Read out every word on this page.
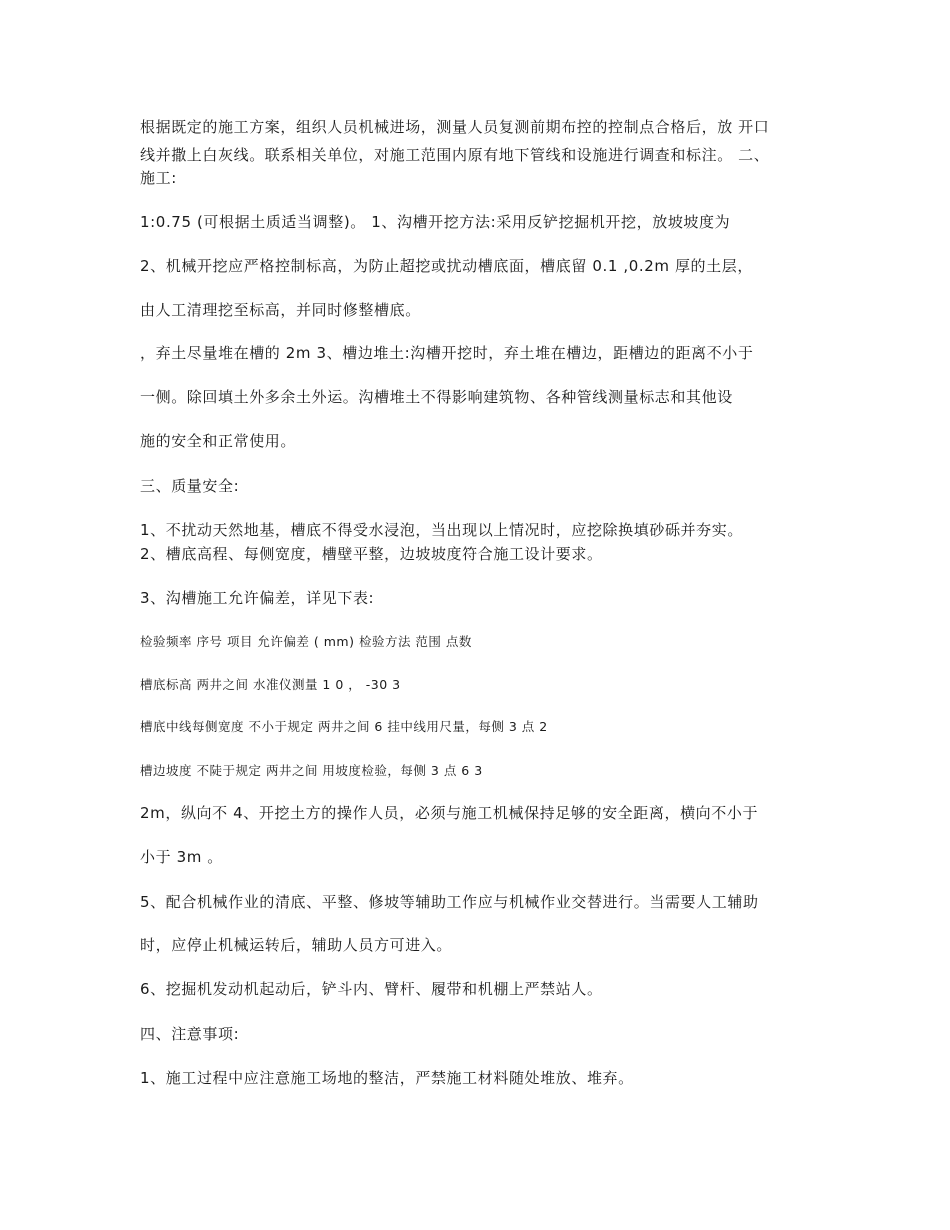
根据既定的施工方案，组织人员机械进场，测量人员复测前期布控的控制点合格后，放 开口
线并撒上白灰线。联系相关单位，对施工范围内原有地下管线和设施进行调查和标注。 二、
施工:
1:0.75 (可根据土质适当调整)。 1、沟槽开挖方法:采用反铲挖掘机开挖，放坡坡度为
2、机械开挖应严格控制标高，为防止超挖或扰动槽底面，槽底留 0.1 ,0.2m 厚的土层，
由人工清理挖至标高，并同时修整槽底。
，弃土尽量堆在槽的 2m 3、槽边堆土:沟槽开挖时，弃土堆在槽边，距槽边的距离不小于
一侧。除回填土外多余土外运。沟槽堆土不得影响建筑物、各种管线测量标志和其他设
施的安全和正常使用。
三、质量安全:
1、不扰动天然地基，槽底不得受水浸泡，当出现以上情况时，应挖除换填砂砾并夯实。
2、槽底高程、每侧宽度，槽壁平整，边坡坡度符合施工设计要求。
3、沟槽施工允许偏差，详见下表:
检验频率 序号 项目 允许偏差 ( mm) 检验方法 范围 点数
槽底标高 两井之间 水准仪测量 1 0 ， -30 3
槽底中线每侧宽度 不小于规定 两井之间 6 挂中线用尺量，每侧 3 点 2
槽边坡度 不陡于规定 两井之间 用坡度检验，每侧 3 点 6 3
2m，纵向不 4、开挖土方的操作人员，必须与施工机械保持足够的安全距离，横向不小于
小于 3m 。
5、配合机械作业的清底、平整、修坡等辅助工作应与机械作业交替进行。当需要人工辅助
时，应停止机械运转后，辅助人员方可进入。
6、挖掘机发动机起动后，铲斗内、臂杆、履带和机棚上严禁站人。
四、注意事项:
1、施工过程中应注意施工场地的整洁，严禁施工材料随处堆放、堆弃。
